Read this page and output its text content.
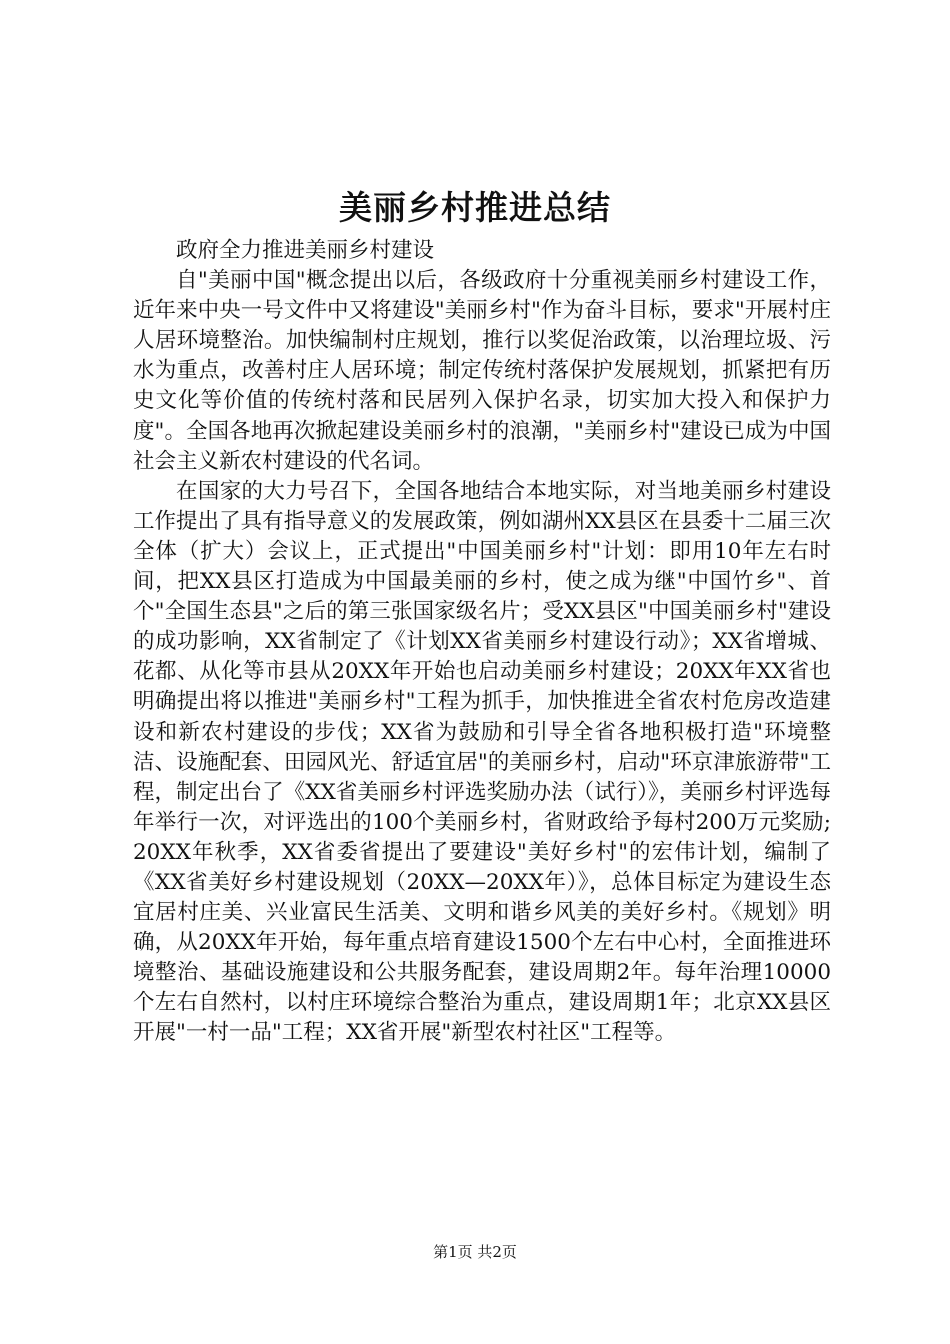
美丽乡村推进总结

政府全力推进美丽乡村建设

自"美丽中国"概念提出以后，各级政府十分重视美丽乡村建设工作，近年来中央一号文件中又将建设"美丽乡村"作为奋斗目标，要求"开展村庄人居环境整治。加快编制村庄规划，推行以奖促治政策，以治理垃圾、污水为重点，改善村庄人居环境；制定传统村落保护发展规划，抓紧把有历史文化等价值的传统村落和民居列入保护名录，切实加大投入和保护力度"。全国各地再次掀起建设美丽乡村的浪潮，"美丽乡村"建设已成为中国社会主义新农村建设的代名词。

在国家的大力号召下，全国各地结合本地实际，对当地美丽乡村建设工作提出了具有指导意义的发展政策，例如湖州XX县区在县委十二届三次全体（扩大）会议上，正式提出"中国美丽乡村"计划：即用10年左右时间，把XX县区打造成为中国最美丽的乡村，使之成为继"中国竹乡"、首个"全国生态县"之后的第三张国家级名片；受XX县区"中国美丽乡村"建设的成功影响，XX省制定了《计划XX省美丽乡村建设行动》；XX省增城、花都、从化等市县从20XX年开始也启动美丽乡村建设；20XX年XX省也明确提出将以推进"美丽乡村"工程为抓手，加快推进全省农村危房改造建设和新农村建设的步伐；XX省为鼓励和引导全省各地积极打造"环境整洁、设施配套、田园风光、舒适宜居"的美丽乡村，启动"环京津旅游带"工程，制定出台了《XX省美丽乡村评选奖励办法（试行）》，美丽乡村评选每年举行一次，对评选出的100个美丽乡村，省财政给予每村200万元奖励;20XX年秋季，XX省委省提出了要建设"美好乡村"的宏伟计划，编制了《XX省美好乡村建设规划（20XX—20XX年）》，总体目标定为建设生态宜居村庄美、兴业富民生活美、文明和谐乡风美的美好乡村。《规划》明确，从20XX年开始，每年重点培育建设1500个左右中心村，全面推进环境整治、基础设施建设和公共服务配套，建设周期2年。每年治理10000个左右自然村，以村庄环境综合整治为重点，建设周期1年；北京XX县区开展"一村一品"工程；XX省开展"新型农村社区"工程等。

第1页 共2页
